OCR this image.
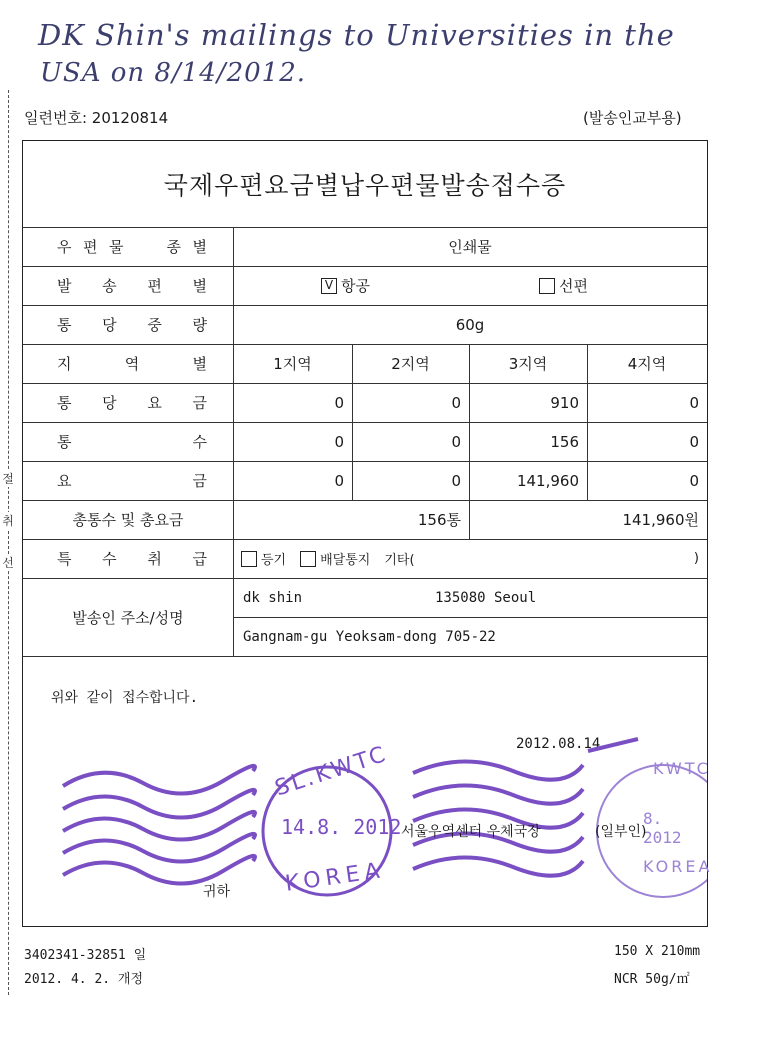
DK Shin's mailings to Universities in the
USA on 8/14/2012.
절
취
선
일련번호: 20120814	(발송인교부용)
국제우편요금별납우편물발송접수증
우 편 물	종 별	인쇄물
발 송 편 별	V 항공	선편
통 당 중 량	60g
지	역	별	1지역	2지역	3지역	4지역
통 당 요 금	0	0	910	0
통	수	0	0	156	0
요	금	0	0	141,960	0
총통수 및 총요금	156통	141,960원
특 수 취 급	등기	배달통지 기타(	)
발송인 주소/성명
dk shin	135080 Seoul
Gangnam-gu Yeoksam-dong 705-22
위와 같이 접수합니다.
2012.08.14
SL.KWTC
14.8. 2012
KOREA
KWTC
8. 2012
KOREA
서울우역센터 우체국장	(일부인)
귀하
3402341-32851 일
2012. 4. 2. 개정
150 X 210mm
NCR 50g/㎡
